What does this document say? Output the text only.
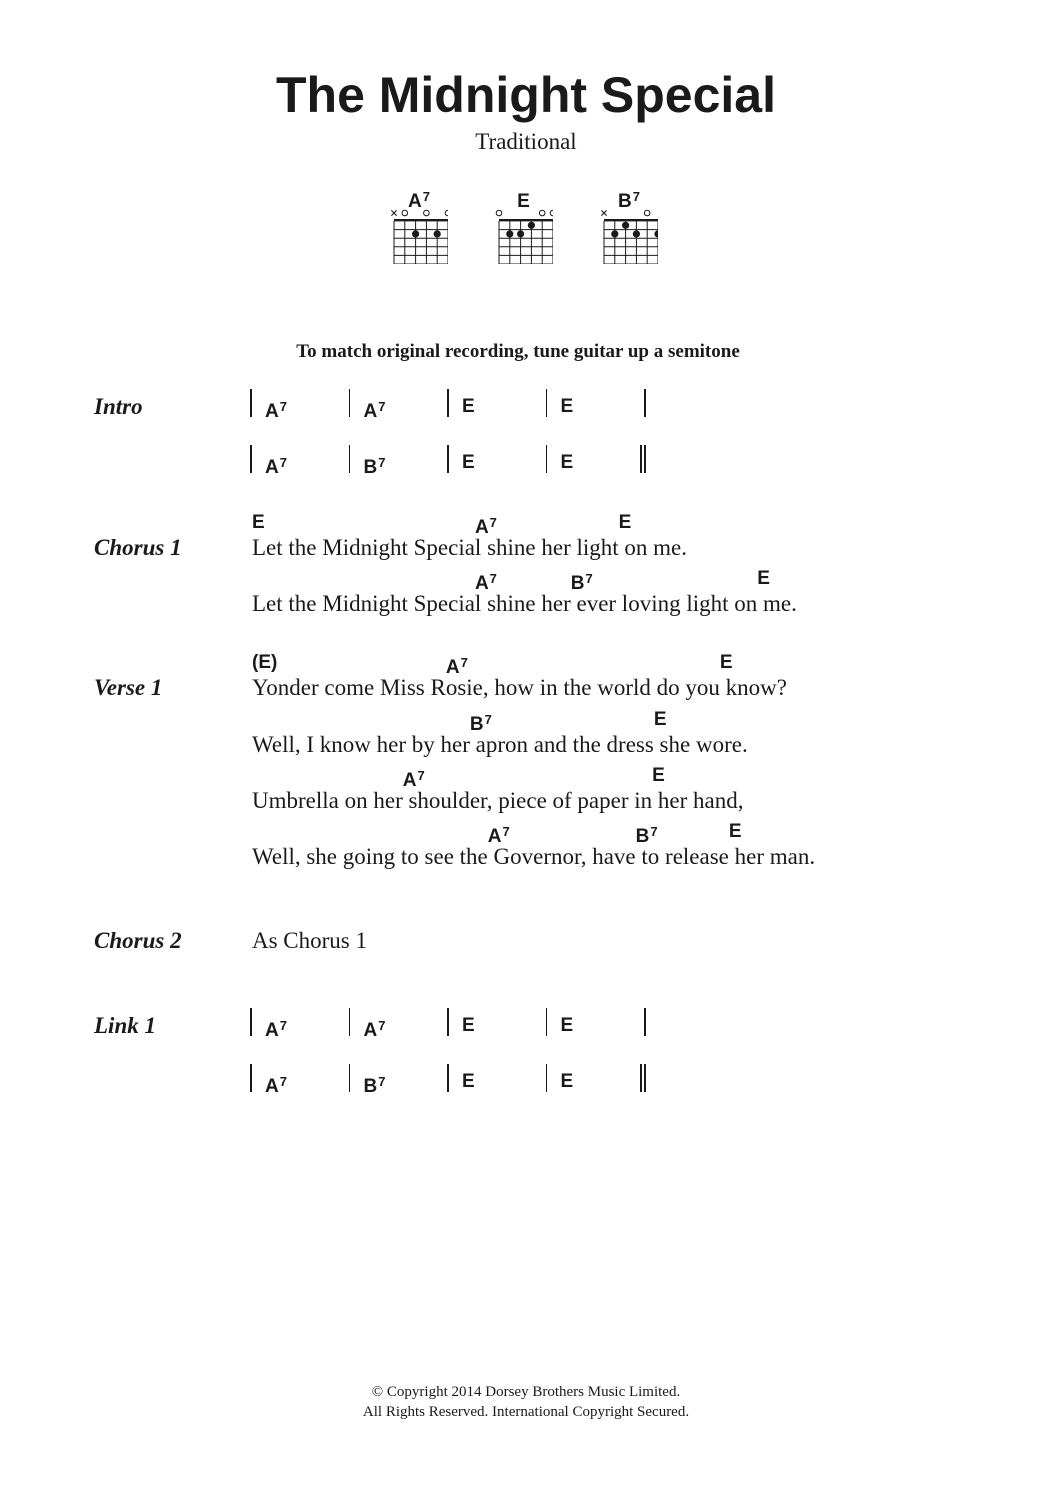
The Midnight Special
Traditional
$A^7$	E	$B^7$
To match original recording, tune guitar up a semitone
Intro	$A^7$	$A^7$	E	E
$A^7$	$B^7$	E	E
Chorus 1	Let the Midnight Special shine her light on me.
E	$A^7$	E
Let the Midnight Special shine her ever loving light on me.
$A^7$	$B^7$	E
Verse 1	Yonder come Miss Rosie, how in the world do you know?
(E)	$A^7$	E
Well, I know her by her apron and the dress she wore.
$B^7$	E
Umbrella on her shoulder, piece of paper in her hand,
$A^7$	E
Well, she going to see the Governor, have to release her man.
$A^7$	$B^7$	E
Chorus 2	As Chorus 1
Link 1	$A^7$	$A^7$	E	E
$A^7$	$B^7$	E	E
© Copyright 2014 Dorsey Brothers Music Limited.
All Rights Reserved. International Copyright Secured.
